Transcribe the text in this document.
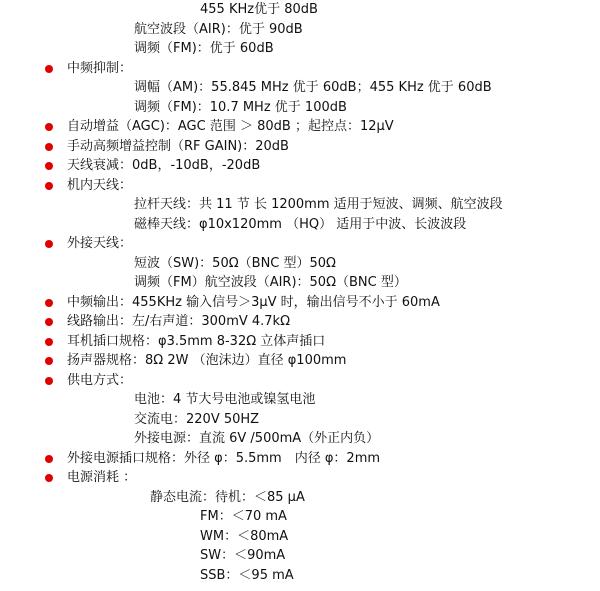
455 KHz优于 80dB
航空波段（AIR)：优于 90dB
调频（FM)：优于 60dB
中频抑制：
调幅（AM)：55.845 MHz 优于 60dB；455 KHz 优于 60dB
调频（FM)：10.7 MHz 优于 100dB
自动增益（AGC)：AGC 范围 ＞ 80dB ；起控点：12μV
手动高频增益控制（RF GAIN)：20dB
天线衰减：0dB，-10dB，-20dB
机内天线：
拉杆天线：共 11 节 长 1200mm 适用于短波、调频、航空波段
磁棒天线：φ10x120mm （HQ） 适用于中波、长波波段
外接天线：
短波（SW)：50Ω（BNC 型）50Ω
调频（FM）航空波段（AIR)：50Ω（BNC 型）
中频输出：455KHz 输入信号＞3μV 时，输出信号不小于 60mA
线路输出：左/右声道：300mV 4.7kΩ
耳机插口规格：φ3.5mm 8-32Ω 立体声插口
扬声器规格：8Ω 2W （泡沫边）直径 φ100mm
供电方式：
电池：4 节大号电池或镍氢电池
交流电：220V 50HZ
外接电源：直流 6V /500mA（外正内负）
外接电源插口规格：外径 φ：5.5mm　内径 φ：2mm
电源消耗 ：
静态电流：待机：＜85 μA
FM：＜70 mA
WM：＜80mA
SW：＜90mA
SSB：＜95 mA
